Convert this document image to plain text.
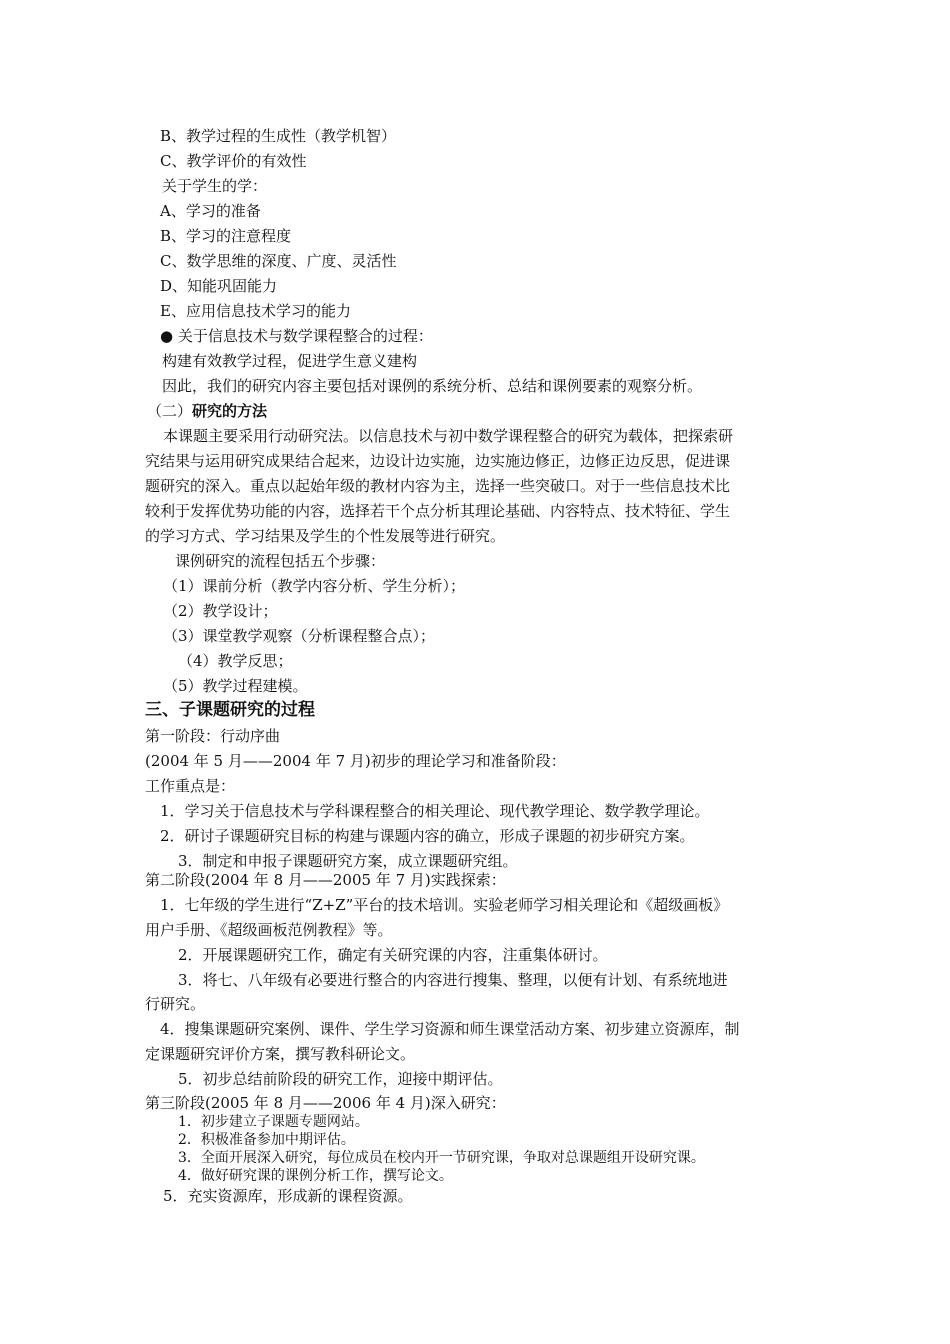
B、教学过程的生成性（教学机智）
C、教学评价的有效性
关于学生的学：
A、学习的准备
B、学习的注意程度
C、数学思维的深度、广度、灵活性
D、知能巩固能力
E、应用信息技术学习的能力
● 关于信息技术与数学课程整合的过程：
构建有效教学过程，促进学生意义建构
因此，我们的研究内容主要包括对课例的系统分析、总结和课例要素的观察分析。
（二）研究的方法
本课题主要采用行动研究法。以信息技术与初中数学课程整合的研究为载体，把探索研
究结果与运用研究成果结合起来，边设计边实施，边实施边修正，边修正边反思，促进课
题研究的深入。重点以起始年级的教材内容为主，选择一些突破口。对于一些信息技术比
较利于发挥优势功能的内容，选择若干个点分析其理论基础、内容特点、技术特征、学生
的学习方式、学习结果及学生的个性发展等进行研究。
课例研究的流程包括五个步骤：
（1）课前分析（教学内容分析、学生分析）；
（2）教学设计；
（3）课堂教学观察（分析课程整合点）；
（4）教学反思；
（5）教学过程建模。
三、子课题研究的过程
第一阶段：行动序曲
(2004 年 5 月——2004 年 7 月)初步的理论学习和准备阶段：
工作重点是：
1．学习关于信息技术与学科课程整合的相关理论、现代教学理论、数学教学理论。
2．研讨子课题研究目标的构建与课题内容的确立，形成子课题的初步研究方案。
3．制定和申报子课题研究方案，成立课题研究组。
第二阶段(2004 年 8 月——2005 年 7 月)实践探索：
1．七年级的学生进行“Z+Z”平台的技术培训。实验老师学习相关理论和《超级画板》
用户手册、《超级画板范例教程》等。
2．开展课题研究工作，确定有关研究课的内容，注重集体研讨。
3．将七、八年级有必要进行整合的内容进行搜集、整理，以便有计划、有系统地进
行研究。
4．搜集课题研究案例、课件、学生学习资源和师生课堂活动方案、初步建立资源库，制
定课题研究评价方案，撰写教科研论文。
5．初步总结前阶段的研究工作，迎接中期评估。
第三阶段(2005 年 8 月——2006 年 4 月)深入研究：
1．初步建立子课题专题网站。
2．积极准备参加中期评估。
3．全面开展深入研究，每位成员在校内开一节研究课，争取对总课题组开设研究课。
4．做好研究课的课例分析工作，撰写论文。
5．充实资源库，形成新的课程资源。
